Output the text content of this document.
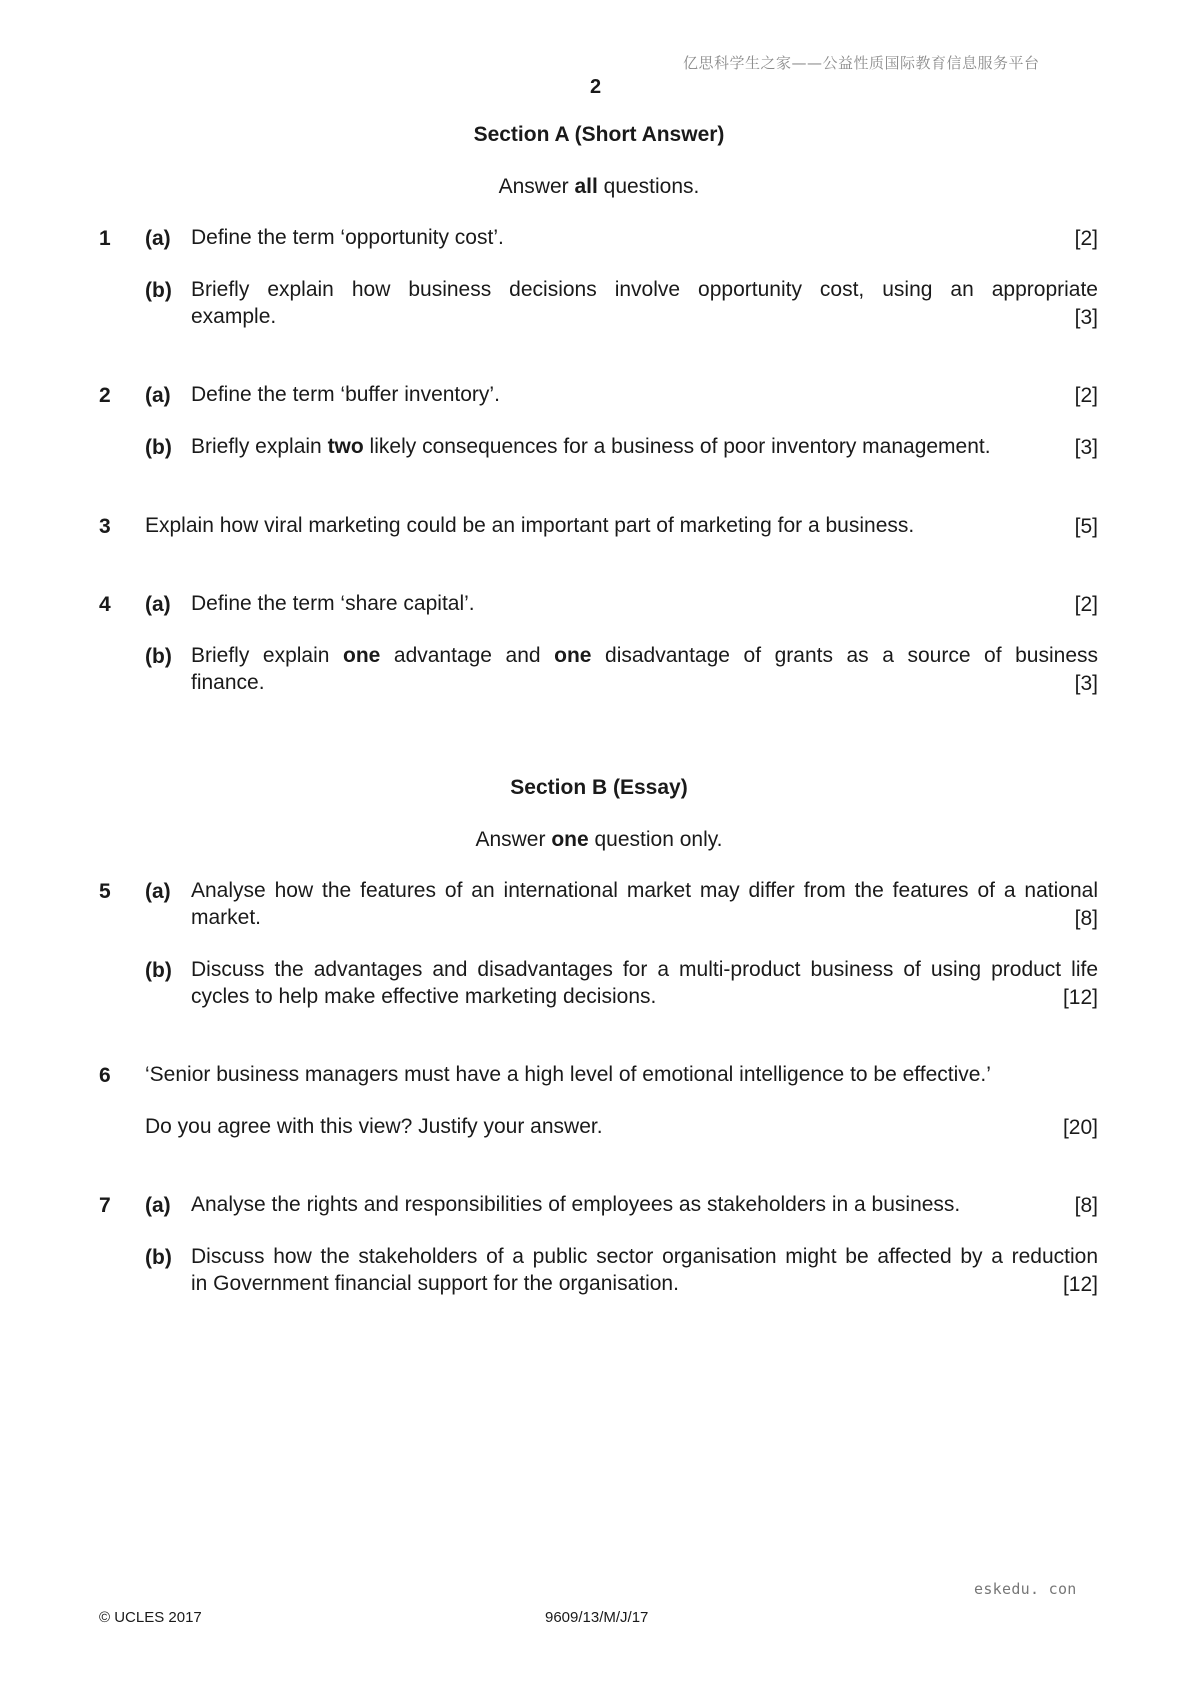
亿思科学生之家——公益性质国际教育信息服务平台
2
Section A (Short Answer)
Answer all questions.
1 (a) Define the term ‘opportunity cost’.	[2]
(b) Briefly explain how business decisions involve opportunity cost, using an appropriate
example.	[3]
2 (a) Define the term ‘buffer inventory’.	[2]
(b) Briefly explain two likely consequences for a business of poor inventory management.	[3]
3 Explain how viral marketing could be an important part of marketing for a business.	[5]
4 (a) Define the term ‘share capital’.	[2]
(b) Briefly explain one advantage and one disadvantage of grants as a source of business
finance.	[3]
Section B (Essay)
Answer one question only.
5 (a) Analyse how the features of an international market may differ from the features of a national
market.	[8]
(b) Discuss the advantages and disadvantages for a multi-product business of using product life
cycles to help make effective marketing decisions.	[12]
6 ‘Senior business managers must have a high level of emotional intelligence to be effective.’
Do you agree with this view? Justify your answer.	[20]
7 (a) Analyse the rights and responsibilities of employees as stakeholders in a business.	[8]
(b) Discuss how the stakeholders of a public sector organisation might be affected by a reduction
in Government financial support for the organisation.	[12]
eskedu. con
© UCLES 2017	9609/13/M/J/17
